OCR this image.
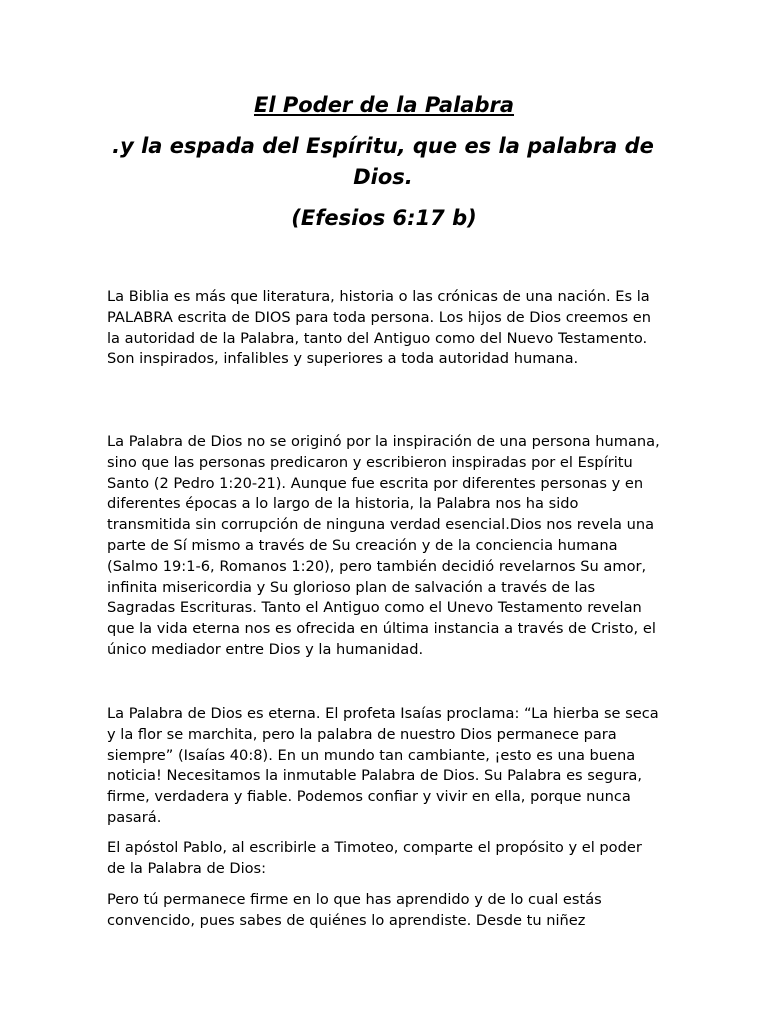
El Poder de la Palabra
.y la espada del Espíritu, que es la palabra de Dios.
(Efesios 6:17 b)

La Biblia es más que literatura, historia o las crónicas de una nación. Es la PALABRA escrita de DIOS para toda persona. Los hijos de Dios creemos en la autoridad de la Palabra, tanto del Antiguo como del Nuevo Testamento. Son inspirados, infalibles y superiores a toda autoridad humana.

La Palabra de Dios no se originó por la inspiración de una persona humana, sino que las personas predicaron y escribieron inspiradas por el Espíritu Santo (2 Pedro 1:20-21). Aunque fue escrita por diferentes personas y en diferentes épocas a lo largo de la historia, la Palabra nos ha sido transmitida sin corrupción de ninguna verdad esencial.Dios nos revela una parte de Sí mismo a través de Su creación y de la conciencia humana (Salmo 19:1-6, Romanos 1:20), pero también decidió revelarnos Su amor, infinita misericordia y Su glorioso plan de salvación a través de las Sagradas Escrituras. Tanto el Antiguo como el Unevo Testamento revelan que la vida eterna nos es ofrecida en última instancia a través de Cristo, el único mediador entre Dios y la humanidad.

La Palabra de Dios es eterna. El profeta Isaías proclama: “La hierba se seca y la flor se marchita, pero la palabra de nuestro Dios permanece para siempre” (Isaías 40:8). En un mundo tan cambiante, ¡esto es una buena noticia! Necesitamos la inmutable Palabra de Dios. Su Palabra es segura, firme, verdadera y fiable. Podemos confiar y vivir en ella, porque nunca pasará.

El apóstol Pablo, al escribirle a Timoteo, comparte el propósito y el poder de la Palabra de Dios:

Pero tú permanece firme en lo que has aprendido y de lo cual estás convencido, pues sabes de quiénes lo aprendiste. Desde tu niñez
